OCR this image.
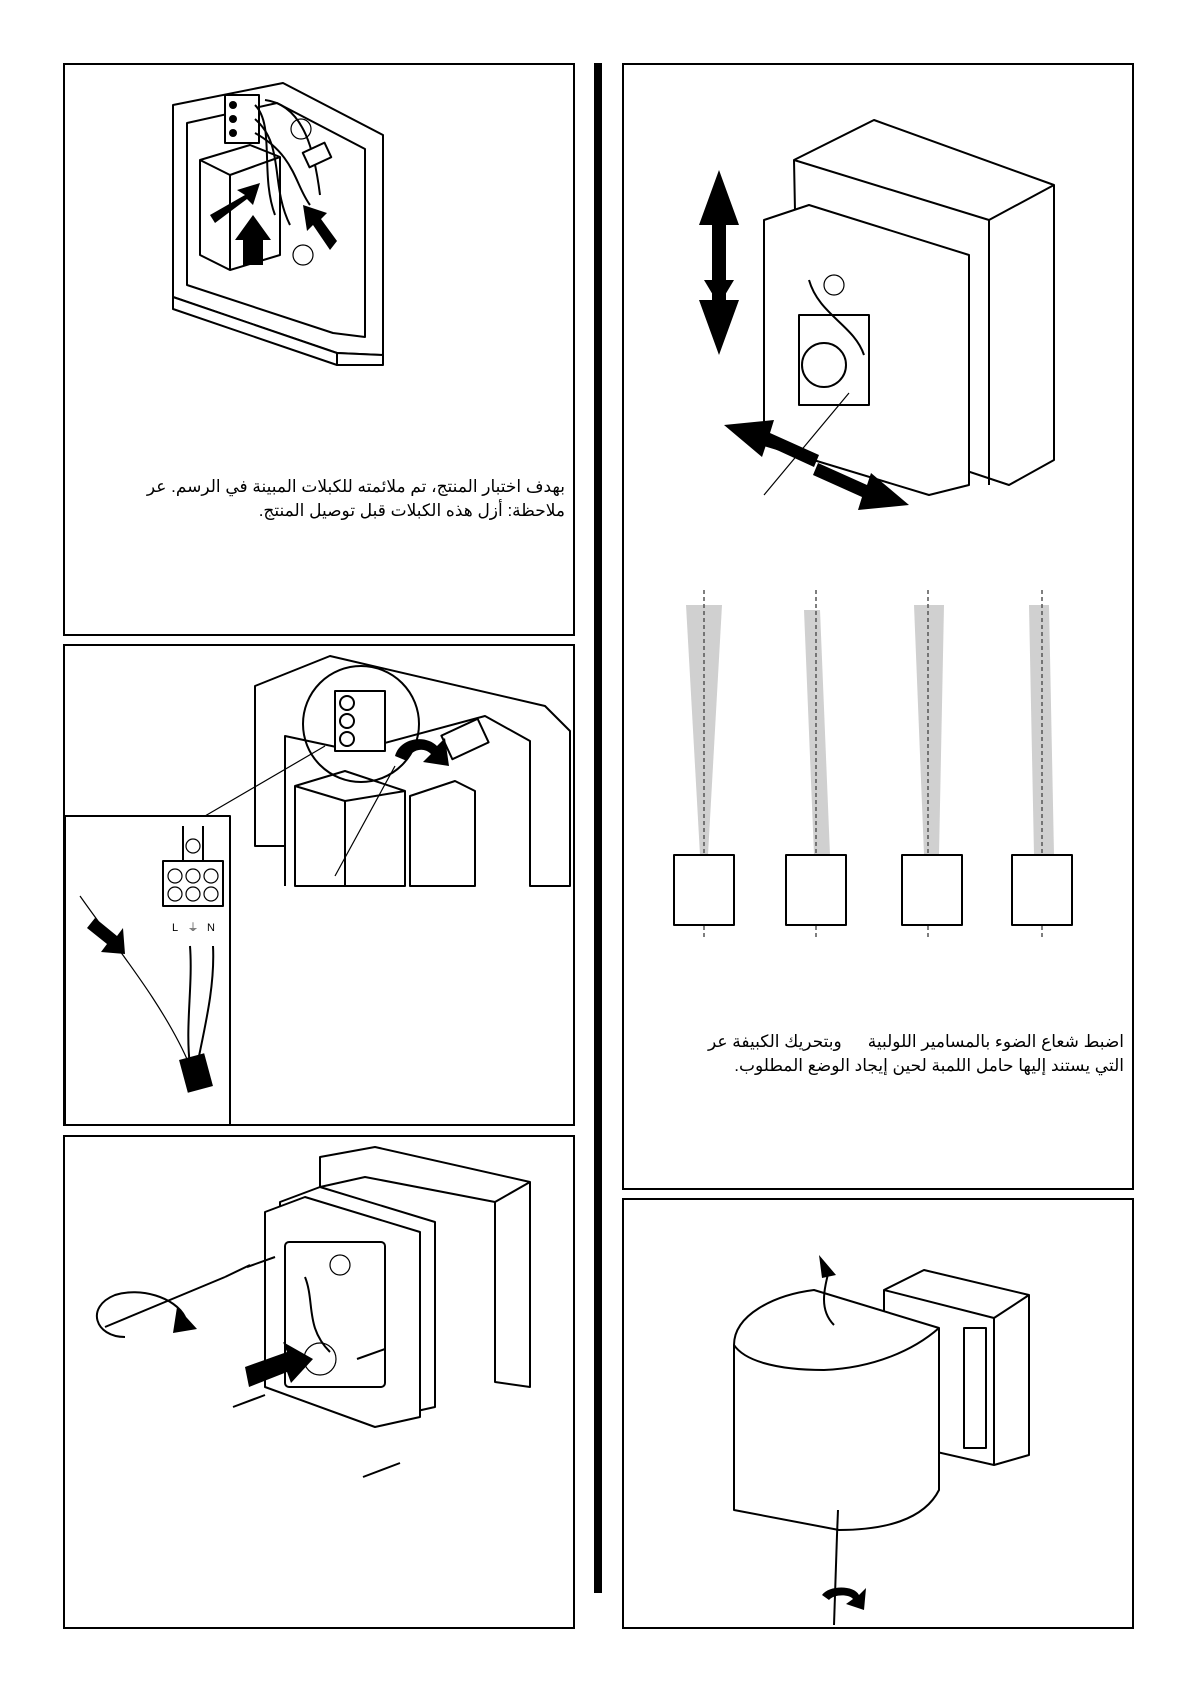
بهدف اختبار المنتج، تم ملائمته للكبلات المبينة في الرسم. عر
ملاحظة: أزل هذه الكبلات قبل توصيل المنتج.
L ⏚ N
اضبط شعاع الضوء بالمسامير اللولبيةوبتحريك الكبيفة عر
التي يستند إليها حامل اللمبة لحين إيجاد الوضع المطلوب.
